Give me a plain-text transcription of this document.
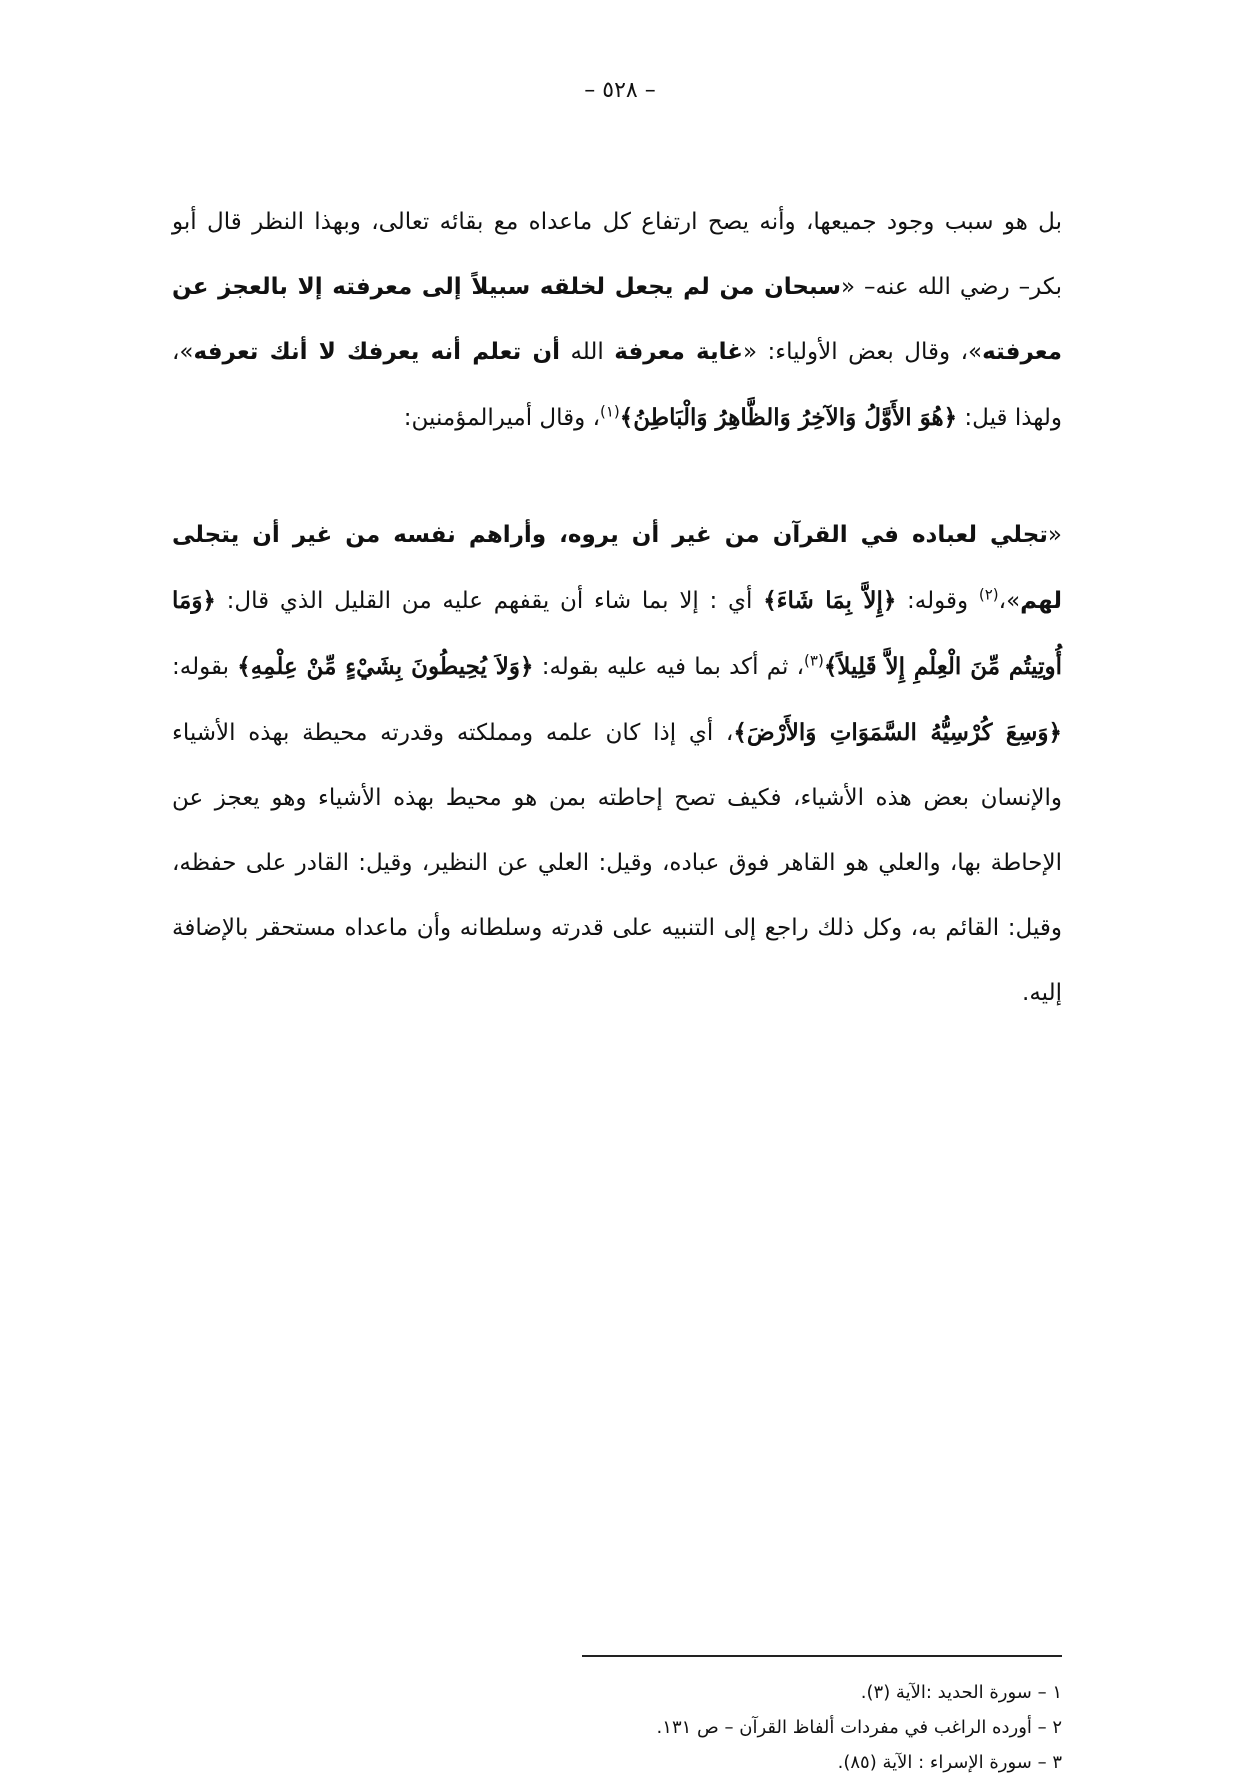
– ٥٢٨ –

بل هو سبب وجود جميعها، وأنه يصح ارتفاع كل ماعداه مع بقائه تعالى، وبهذا النظر قال أبو بكر– رضي الله عنه– «سبحان من لم يجعل لخلقه سبيلاً إلى معرفته إلا بالعجز عن معرفته»، وقال بعض الأولياء: «غاية معرفة الله أن تعلم أنه يعرفك لا أنك تعرفه»، ولهذا قيل: ﴿هُوَ الأَوَّلُ وَالآخِرُ وَالظَّاهِرُ وَالْبَاطِنُ﴾$^{(١)}$، وقال أميرالمؤمنين:

«تجلي لعباده في القرآن من غير أن يروه، وأراهم نفسه من غير أن يتجلى لهم»،$^{(٢)}$ وقوله: ﴿إِلاَّ بِمَا شَاءَ﴾ أي : إلا بما شاء أن يقفهم عليه من القليل الذي قال: ﴿وَمَا أُوتِيتُم مِّنَ الْعِلْمِ إِلاَّ قَلِيلاً﴾$^{(٣)}$، ثم أكد بما فيه عليه بقوله: ﴿وَلاَ يُحِيطُونَ بِشَيْءٍ مِّنْ عِلْمِهِ﴾ بقوله: ﴿وَسِعَ كُرْسِيُّهُ السَّمَوَاتِ وَالأَرْضَ﴾، أي إذا كان علمه ومملكته وقدرته محيطة بهذه الأشياء والإنسان بعض هذه الأشياء، فكيف تصح إحاطته بمن هو محيط بهذه الأشياء وهو يعجز عن الإحاطة بها، والعلي هو القاهر فوق عباده، وقيل: العلي عن النظير، وقيل: القادر على حفظه، وقيل: القائم به، وكل ذلك راجع إلى التنبيه على قدرته وسلطانه وأن ماعداه مستحقر بالإضافة إليه.

١ – سورة الحديد :الآية (٣).
٢ – أورده الراغب في مفردات ألفاظ القرآن – ص ١٣١.
٣ – سورة الإسراء : الآية (٨٥).
